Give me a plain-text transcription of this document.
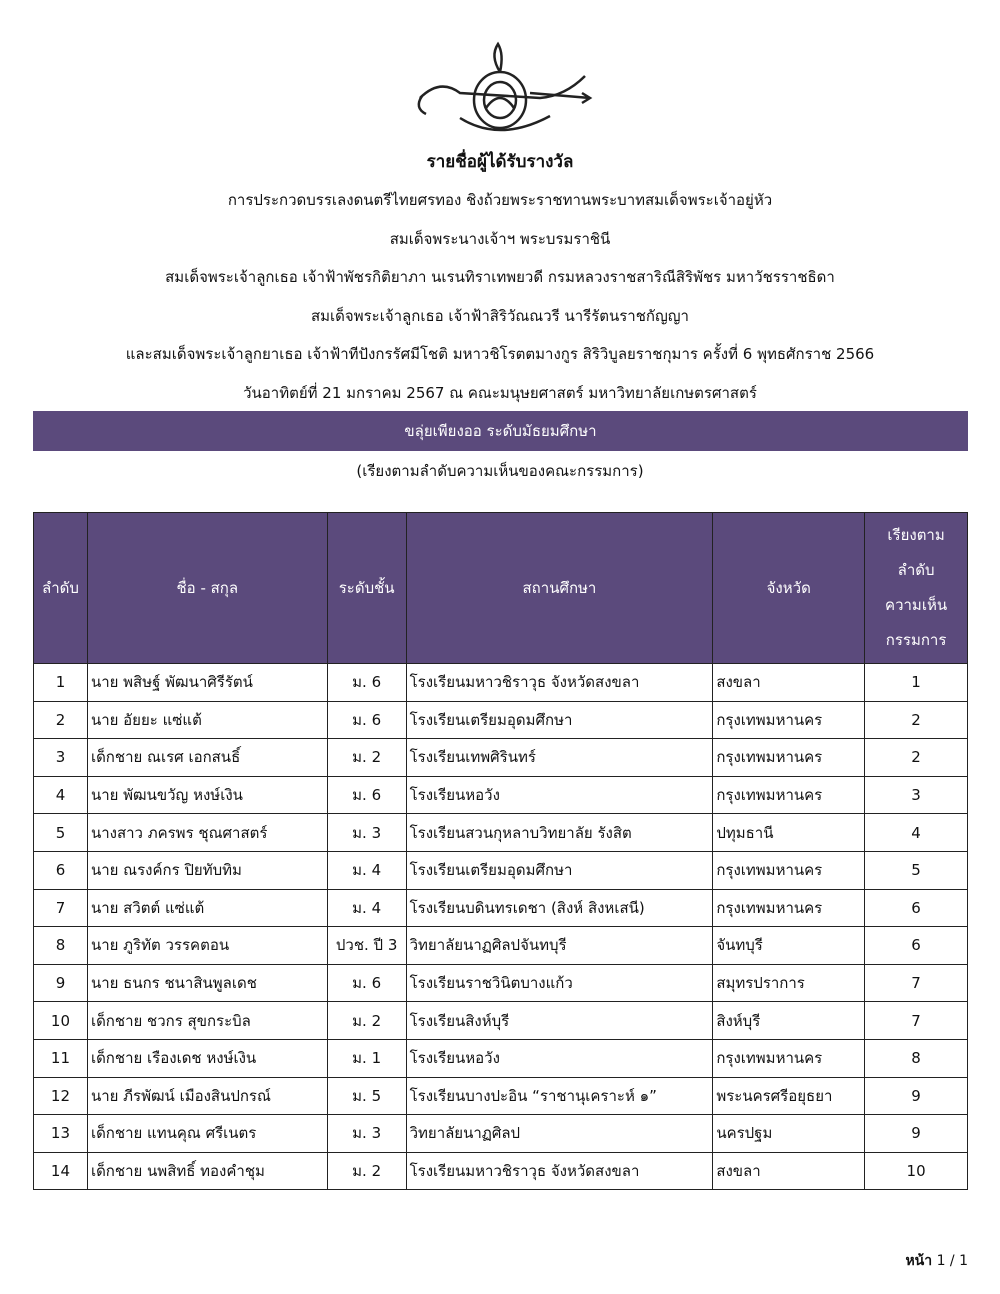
รายชื่อผู้ได้รับรางวัล
การประกวดบรรเลงดนตรีไทยศรทอง ชิงถ้วยพระราชทานพระบาทสมเด็จพระเจ้าอยู่หัว
สมเด็จพระนางเจ้าฯ พระบรมราชินี
สมเด็จพระเจ้าลูกเธอ เจ้าฟ้าพัชรกิติยาภา นเรนทิราเทพยวดี กรมหลวงราชสาริณีสิริพัชร มหาวัชรราชธิดา
สมเด็จพระเจ้าลูกเธอ เจ้าฟ้าสิริวัณณวรี นารีรัตนราชกัญญา
และสมเด็จพระเจ้าลูกยาเธอ เจ้าฟ้าทีปังกรรัศมีโชติ มหาวชิโรตตมางกูร สิริวิบูลยราชกุมาร ครั้งที่ 6 พุทธศักราช 2566
วันอาทิตย์ที่ 21 มกราคม 2567 ณ คณะมนุษยศาสตร์ มหาวิทยาลัยเกษตรศาสตร์
ขลุ่ยเพียงออ ระดับมัธยมศึกษา
(เรียงตามลำดับความเห็นของคณะกรรมการ)
ลำดับ	ชื่อ - สกุล	ระดับชั้น	สถานศึกษา	จังหวัด	เรียงตาม
ลำดับ
ความเห็น
กรรมการ

1	นาย พสิษฐ์ พัฒนาศิรีรัตน์	ม. 6	โรงเรียนมหาวชิราวุธ จังหวัดสงขลา	สงขลา	1
2	นาย อัยยะ แซ่แต้	ม. 6	โรงเรียนเตรียมอุดมศึกษา	กรุงเทพมหานคร	2
3	เด็กชาย ณเรศ เอกสนธิ์	ม. 2	โรงเรียนเทพศิรินทร์	กรุงเทพมหานคร	2
4	นาย พัฒนขวัญ หงษ์เงิน	ม. 6	โรงเรียนหอวัง	กรุงเทพมหานคร	3
5	นางสาว ภครพร ชุณศาสตร์	ม. 3	โรงเรียนสวนกุหลาบวิทยาลัย รังสิต	ปทุมธานี	4
6	นาย ณรงค์กร ปิยทับทิม	ม. 4	โรงเรียนเตรียมอุดมศึกษา	กรุงเทพมหานคร	5
7	นาย สวิตต์ แซ่แต้	ม. 4	โรงเรียนบดินทรเดชา (สิงห์ สิงหเสนี)	กรุงเทพมหานคร	6
8	นาย ภูริทัต วรรคตอน	ปวช. ปี 3	วิทยาลัยนาฏศิลปจันทบุรี	จันทบุรี	6
9	นาย ธนกร ชนาสินพูลเดช	ม. 6	โรงเรียนราชวินิตบางแก้ว	สมุทรปราการ	7
10	เด็กชาย ชวกร สุขกระบิล	ม. 2	โรงเรียนสิงห์บุรี	สิงห์บุรี	7
11	เด็กชาย เรืองเดช หงษ์เงิน	ม. 1	โรงเรียนหอวัง	กรุงเทพมหานคร	8
12	นาย ภีรพัฒน์ เมืองสินปกรณ์	ม. 5	โรงเรียนบางปะอิน “ราชานุเคราะห์ ๑”	พระนครศรีอยุธยา	9
13	เด็กชาย แทนคุณ ศรีเนตร	ม. 3	วิทยาลัยนาฏศิลป	นครปฐม	9
14	เด็กชาย นพสิทธิ์ ทองคำชุม	ม. 2	โรงเรียนมหาวชิราวุธ จังหวัดสงขลา	สงขลา	10
หน้า 1 / 1
